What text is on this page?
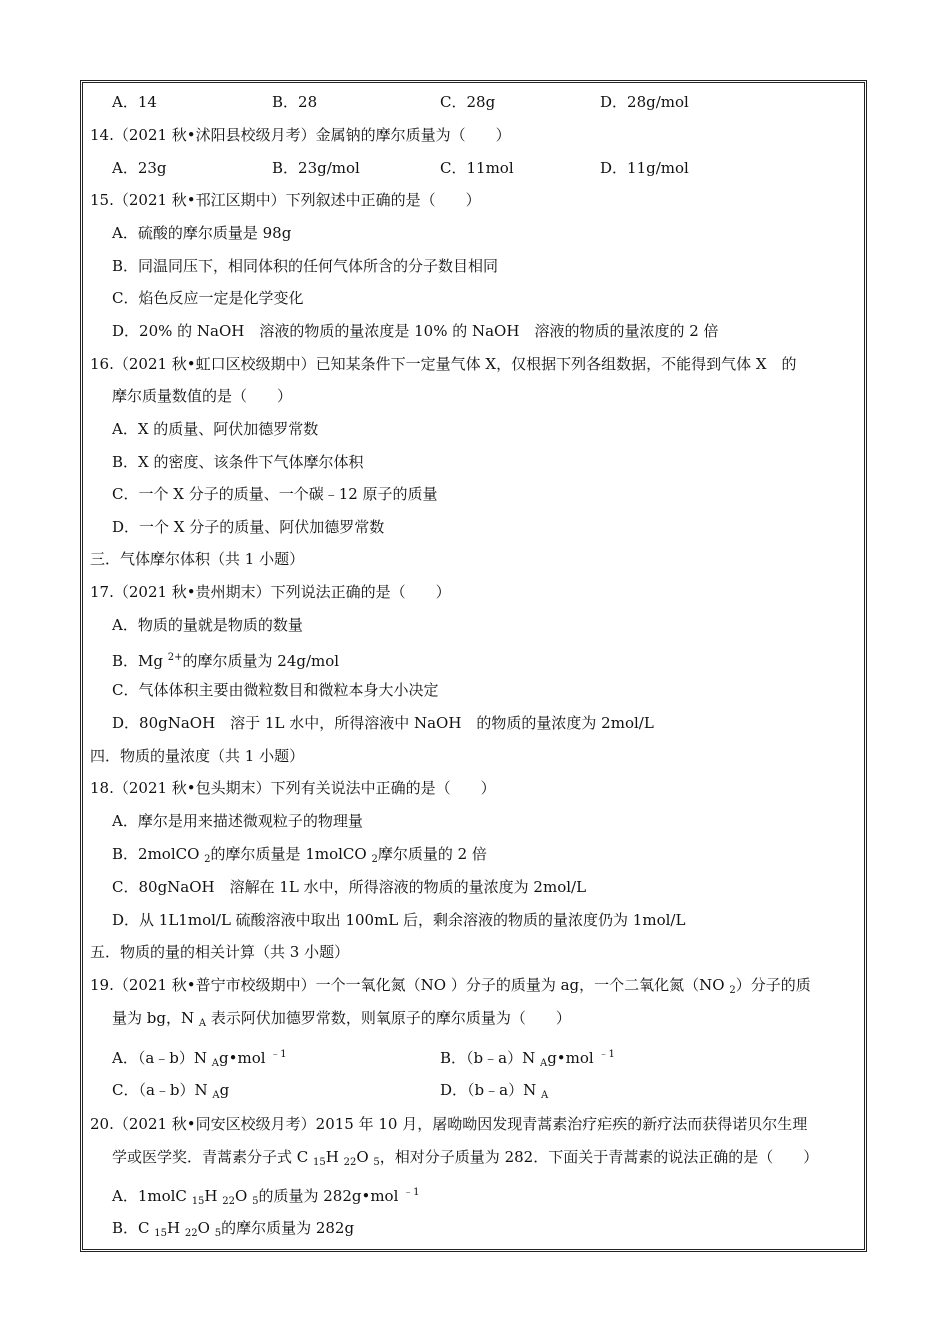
A．14	B．28	C．28g	D．28g/mol
14.（2021 秋•沭阳县校级月考）金属钠的摩尔质量为（　　）
A．23g	B．23g/mol	C．11mol	D．11g/mol
15.（2021 秋•邗江区期中）下列叙述中正确的是（　　）
A．硫酸的摩尔质量是 98g
B．同温同压下，相同体积的任何气体所含的分子数目相同
C．焰色反应一定是化学变化
D．20% 的 NaOH　溶液的物质的量浓度是 10% 的 NaOH　溶液的物质的量浓度的 2 倍
16.（2021 秋•虹口区校级期中）已知某条件下一定量气体 X，仅根据下列各组数据，不能得到气体 X　的
摩尔质量数值的是（　　）
A．X 的质量、阿伏加德罗常数
B．X 的密度、该条件下气体摩尔体积
C．一个 X 分子的质量、一个碳﹣12 原子的质量
D．一个 X 分子的质量、阿伏加德罗常数
三．气体摩尔体积（共 1 小题）
17.（2021 秋•贵州期末）下列说法正确的是（　　）
A．物质的量就是物质的数量
B．Mg $^{2+}$的摩尔质量为 24g/mol
C．气体体积主要由微粒数目和微粒本身大小决定
D．80gNaOH　溶于 1L 水中，所得溶液中 NaOH　的物质的量浓度为 2mol/L
四．物质的量浓度（共 1 小题）
18.（2021 秋•包头期末）下列有关说法中正确的是（　　）
A．摩尔是用来描述微观粒子的物理量
B．2molCO $_2$的摩尔质量是 1molCO $_2$摩尔质量的 2 倍
C．80gNaOH　溶解在 1L 水中，所得溶液的物质的量浓度为 2mol/L
D．从 1L1mol/L 硫酸溶液中取出 100mL 后，剩余溶液的物质的量浓度仍为 1mol/L
五．物质的量的相关计算（共 3 小题）
19.（2021 秋•普宁市校级期中）一个一氧化氮（NO ）分子的质量为 ag，一个二氧化氮（NO $_2$）分子的质
量为 bg，N $_A$ 表示阿伏加德罗常数，则氧原子的摩尔质量为（　　）
A．（a﹣b）N $_A$g•mol $^{﹣1}$	B．（b﹣a）N $_A$g•mol $^{﹣1}$
C．（a﹣b）N $_A$g	D．（b﹣a）N $_A$
20.（2021 秋•同安区校级月考）2015 年 10 月，屠呦呦因发现青蒿素治疗疟疾的新疗法而获得诺贝尔生理
学或医学奖．青蒿素分子式 C $_{15}$H $_{22}$O $_5$，相对分子质量为 282．下面关于青蒿素的说法正确的是（　　）
A．1molC $_{15}$H $_{22}$O $_5$的质量为 282g•mol $^{﹣1}$
B．C $_{15}$H $_{22}$O $_5$的摩尔质量为 282g
